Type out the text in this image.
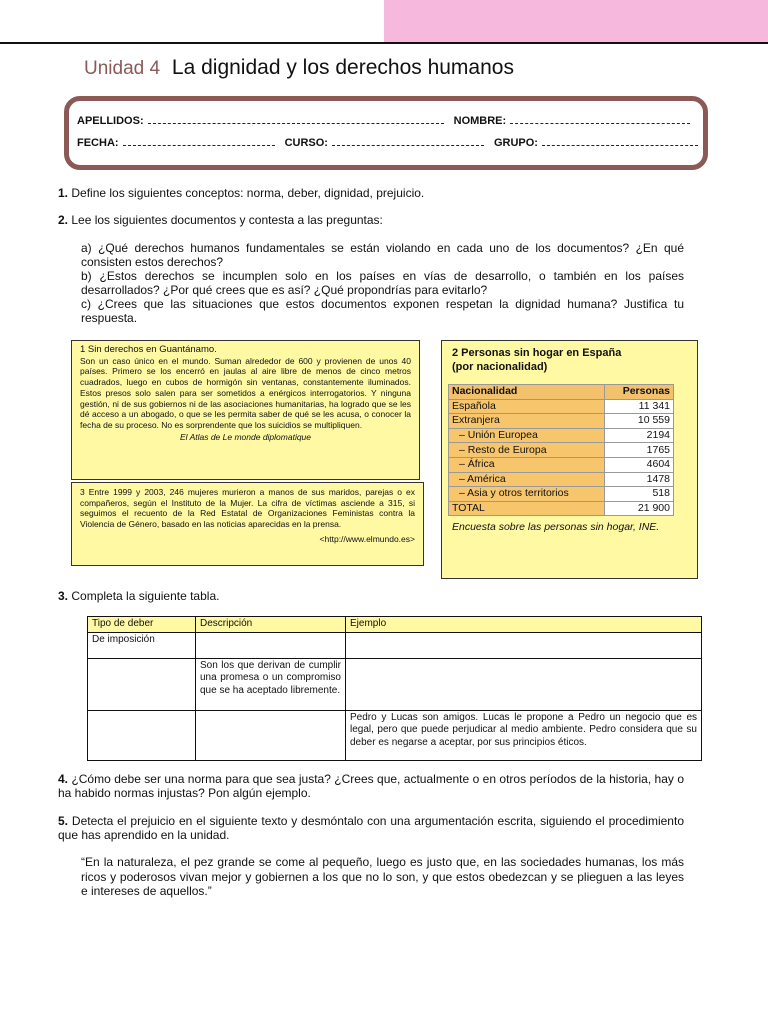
Unidad 4 La dignidad y los derechos humanos
APELLIDOS:	NOMBRE:
FECHA:	CURSO:	GRUPO:
1. Define los siguientes conceptos: norma, deber, dignidad, prejuicio.
2. Lee los siguientes documentos y contesta a las preguntas:
a) ¿Qué derechos humanos fundamentales se están violando en cada uno de los documentos? ¿En qué consisten estos derechos?
b) ¿Estos derechos se incumplen solo en los países en vías de desarrollo, o también en los países desarrollados? ¿Por qué crees que es así? ¿Qué propondrías para evitarlo?
c) ¿Crees que las situaciones que estos documentos exponen respetan la dignidad humana? Justifica tu respuesta.
1 Sin derechos en Guantánamo.
Son un caso único en el mundo. Suman alrededor de 600 y provienen de unos 40 países. Primero se los encerró en jaulas al aire libre de menos de cinco metros cuadrados, luego en cubos de hormigón sin ventanas, constantemente iluminados. Estos presos solo salen para ser sometidos a enérgicos interrogatorios. Y ninguna gestión, ni de sus gobiernos ni de las asociaciones humanitarias, ha logrado que se les dé acceso a un abogado, o que se les permita saber de qué se les acusa, o conocer la fecha de su proceso. No es sorprendente que los suicidios se multipliquen.
El Atlas de Le monde diplomatique
3 Entre 1999 y 2003, 246 mujeres murieron a manos de sus maridos, parejas o ex compañeros, según el Instituto de la Mujer. La cifra de víctimas asciende a 315, si seguimos el recuento de la Red Estatal de Organizaciones Feministas contra la Violencia de Género, basado en las noticias aparecidas en la prensa.
<http://www.elmundo.es>
2 Personas sin hogar en España
(por nacionalidad)
Nacionalidad	Personas
Española	11 341
Extranjera	10 559
– Unión Europea	2194
– Resto de Europa	1765
– África	4604
– América	1478
– Asia y otros territorios	518
TOTAL	21 900
Encuesta sobre las personas sin hogar, INE.
3. Completa la siguiente tabla.
Tipo de deber	Descripción	Ejemplo
De imposición		
	Son los que derivan de cumplir una promesa o un compromiso que se ha aceptado libremente.	
		Pedro y Lucas son amigos. Lucas le propone a Pedro un negocio que es legal, pero que puede perjudicar al medio ambiente. Pedro considera que su deber es negarse a aceptar, por sus principios éticos.
4. ¿Cómo debe ser una norma para que sea justa? ¿Crees que, actualmente o en otros períodos de la historia, hay o ha habido normas injustas? Pon algún ejemplo.
5. Detecta el prejuicio en el siguiente texto y desmóntalo con una argumentación escrita, siguiendo el procedimiento que has aprendido en la unidad.
“En la naturaleza, el pez grande se come al pequeño, luego es justo que, en las sociedades humanas, los más ricos y poderosos vivan mejor y gobiernen a los que no lo son, y que estos obedezcan y se plieguen a las leyes e intereses de aquellos.”
